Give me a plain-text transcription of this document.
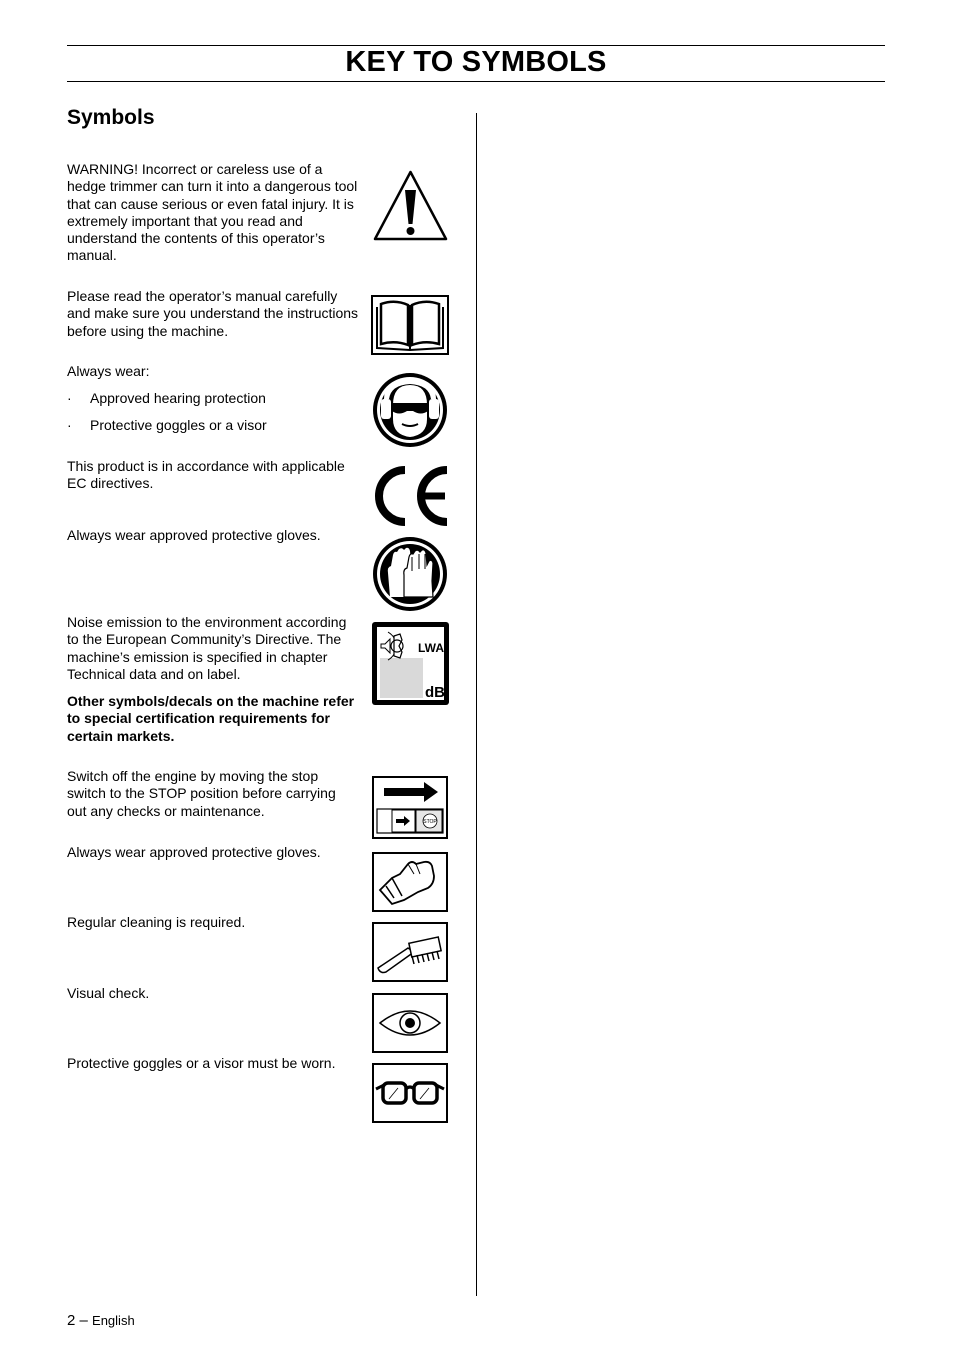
KEY TO SYMBOLS
Symbols
WARNING! Incorrect or careless use of a hedge trimmer can turn it into a dangerous tool that can cause serious or even fatal injury. It is extremely important that you read and understand the contents of this operator’s manual.
Please read the operator’s manual carefully and make sure you understand the instructions before using the machine.
Always wear:
· Approved hearing protection
· Protective goggles or a visor
This product is in accordance with applicable EC directives.
Always wear approved protective gloves.
Noise emission to the environment according to the European Community’s Directive. The machine’s emission is specified in chapter Technical data and on label.
LWA
dB
Other symbols/decals on the machine refer to special certification requirements for certain markets.
Switch off the engine by moving the stop switch to the STOP position before carrying out any checks or maintenance.
STOP
Always wear approved protective gloves.
Regular cleaning is required.
Visual check.
Protective goggles or a visor must be worn.
2 – English
